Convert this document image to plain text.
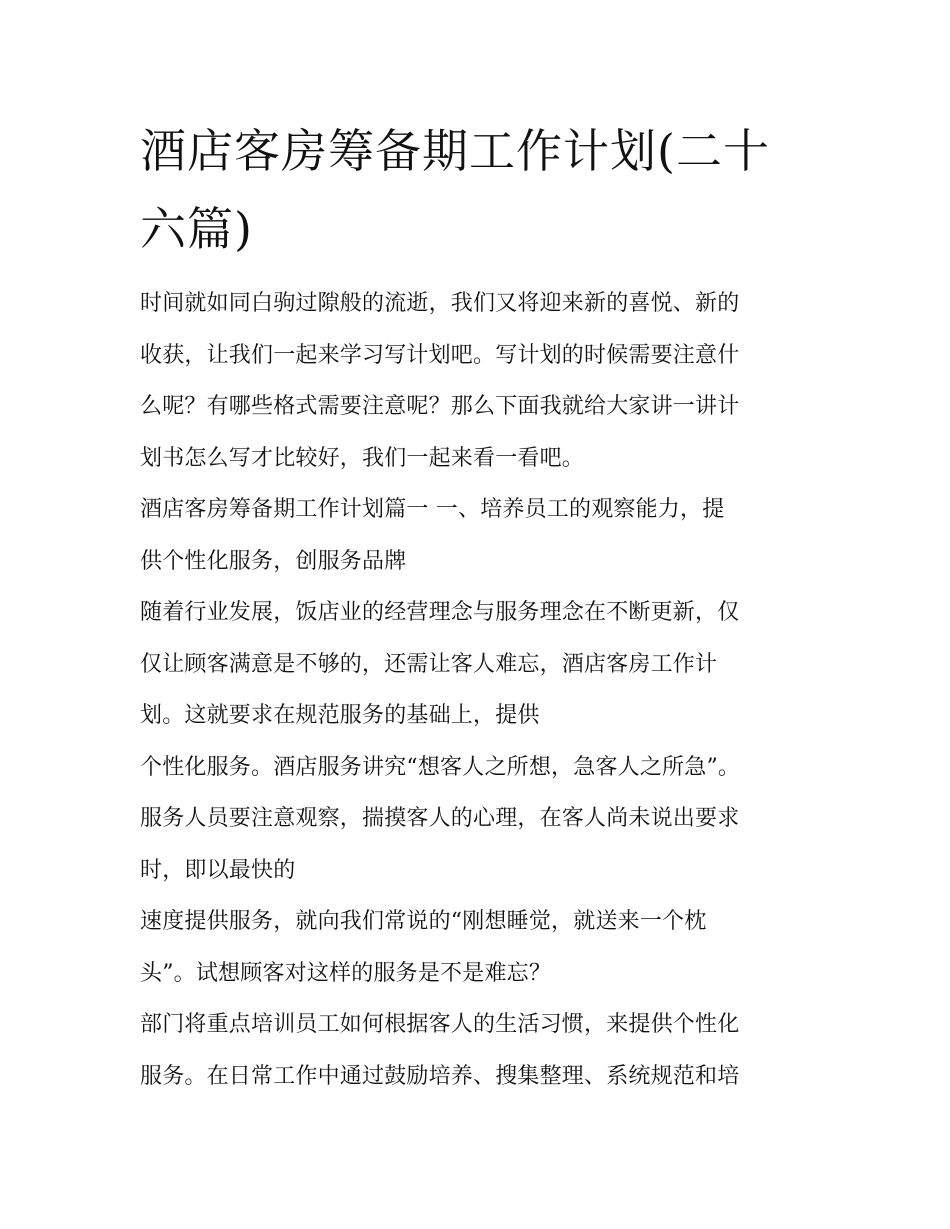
酒店客房筹备期工作计划(二十
六篇)

时间就如同白驹过隙般的流逝，我们又将迎来新的喜悦、新的
收获，让我们一起来学习写计划吧。写计划的时候需要注意什
么呢？有哪些格式需要注意呢？那么下面我就给大家讲一讲计
划书怎么写才比较好，我们一起来看一看吧。

酒店客房筹备期工作计划篇一 一、培养员工的观察能力，提
供个性化服务，创服务品牌

随着行业发展，饭店业的经营理念与服务理念在不断更新，仅
仅让顾客满意是不够的，还需让客人难忘，酒店客房工作计
划。这就要求在规范服务的基础上，提供

个性化服务。酒店服务讲究“想客人之所想，急客人之所急”。
服务人员要注意观察，揣摸客人的心理，在客人尚未说出要求
时，即以最快的

速度提供服务，就向我们常说的“刚想睡觉，就送来一个枕
头”。试想顾客对这样的服务是不是难忘？

部门将重点培训员工如何根据客人的生活习惯，来提供个性化
服务。在日常工作中通过鼓励培养、搜集整理、系统规范和培
